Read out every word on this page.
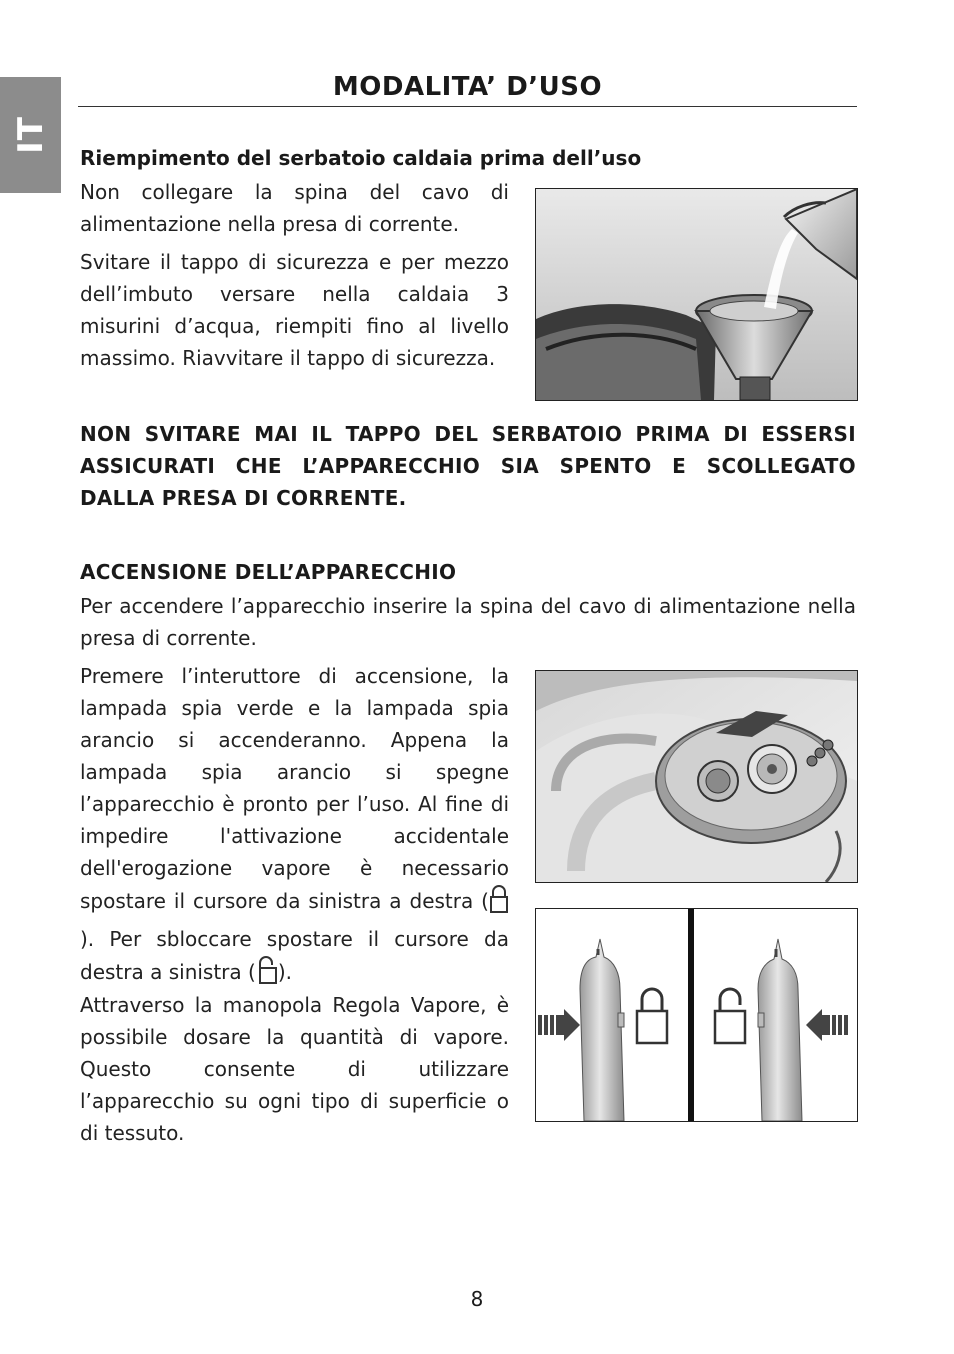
IT
MODALITA’ D’USO
Riempimento del serbatoio caldaia prima dell’uso
Non collegare la spina del cavo di alimentazione nella presa di corrente.
Svitare il tappo di sicurezza e per mezzo dell’imbuto versare nella caldaia 3 misurini d’acqua, riempiti fino al livello massimo. Riavvitare il tappo di sicurezza.
NON SVITARE MAI IL TAPPO DEL SERBATOIO PRIMA DI ESSERSI ASSICURATI CHE L’APPARECCHIO SIA SPENTO E SCOLLEGATO DALLA PRESA DI CORRENTE.
ACCENSIONE DELL’APPARECCHIO
Per accendere l’apparecchio inserire la spina del cavo di alimentazione nella presa di corrente.
Premere l’interuttore di accensione, la lampada spia verde e la lampada spia arancio si accenderanno. Appena la lampada spia arancio si spegne l’apparecchio è pronto per l’uso. Al fine di impedire l'attivazione accidentale dell'erogazione vapore è necessario spostare il cursore da sinistra a destra (). Per sbloccare spostare il cursore da destra a sinistra ( ).
Attraverso la manopola Regola Vapore, è possibile dosare la quantità di vapore. Questo consente di utilizzare l’apparecchio su ogni tipo di superficie o di tessuto.
8
